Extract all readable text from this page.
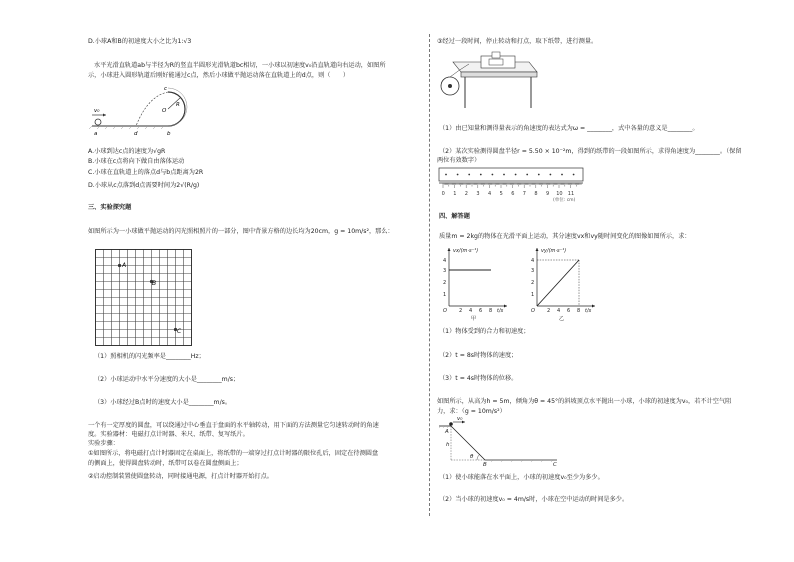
D.小球A和B的初速度大小之比为1:√3
水平光滑直轨道ab与半径为R的竖直半圆形光滑轨道bc相切，一小球以初速度v₀沿直轨道向右运动，如图所
示，小球进入圆形轨道后刚好能通过c点，然后小球做平抛运动落在直轨道上的d点，则（　　）
v₀
a	d	b
c
O
R
A.小球到达c点的速度为√gR
B.小球在c点将向下做自由落体运动
C.小球在直轨道上的落点d与b点距离为2R
D.小球从c点落到d点需要时间为2√(R/g)
三、实验探究题
如图所示为一小球做平抛运动的闪光照相照片的一部分，图中背景方格的边长均为20cm，g = 10m/s²，那么：
A
B
C
（1）照相机的闪光频率是________Hz；
（2）小球运动中水平分速度的大小是________m/s；
（3）小球经过B点时的速度大小是________m/s。
一个有一定厚度的圆盘，可以绕通过中心垂直于盘面的水平轴转动，用下面的方法测量它匀速转动时的角速
度。实验器材：电磁打点计时器、米尺、纸带、复写纸片。
实验步骤：
①如图所示，将电磁打点计时器固定在桌面上，将纸带的一端穿过打点计时器的限位孔后，固定在待测圆盘
的侧面上，使得圆盘转动时，纸带可以卷在圆盘侧面上；
②启动控制装置使圆盘转动，同时接通电源，打点计时器开始打点。
③经过一段时间，停止转动和打点，取下纸带，进行测量。
（1）由已知量和测得量表示的角速度的表达式为ω = ________，式中各量的意义是________。
（2）某次实验测得圆盘半径r = 5.50 × 10⁻²m，得到的纸带的一段如图所示，求得角速度为________。（保留
两位有效数字）
0 1 2 3 4 5 6 7 8 9 10 11
(单位: cm)
四、解答题
质量m = 2kg的物体在光滑平面上运动，其分速度vx和vy随时间变化的图像如图所示，求：
4
3
2
1
O 2 4 6 8 t/s
vx/(m·s⁻¹)
甲
4
3
2
1
O 2 4 6 8 t/s
vy/(m·s⁻¹)
乙
（1）物体受到的合力和初速度；
（2）t = 8s时物体的速度；
（3）t = 4s时物体的位移。
如图所示，从高为h = 5m，倾角为θ = 45°的斜坡顶点水平抛出一小球，小球的初速度为v₀，若不计空气阻
力，求：（g = 10m/s²）
v₀
A
h
θ
B	C
（1）使小球能落在水平面上，小球的初速度v₀至少为多少。
（2）当小球的初速度v₀ = 4m/s时，小球在空中运动的时间是多少。
